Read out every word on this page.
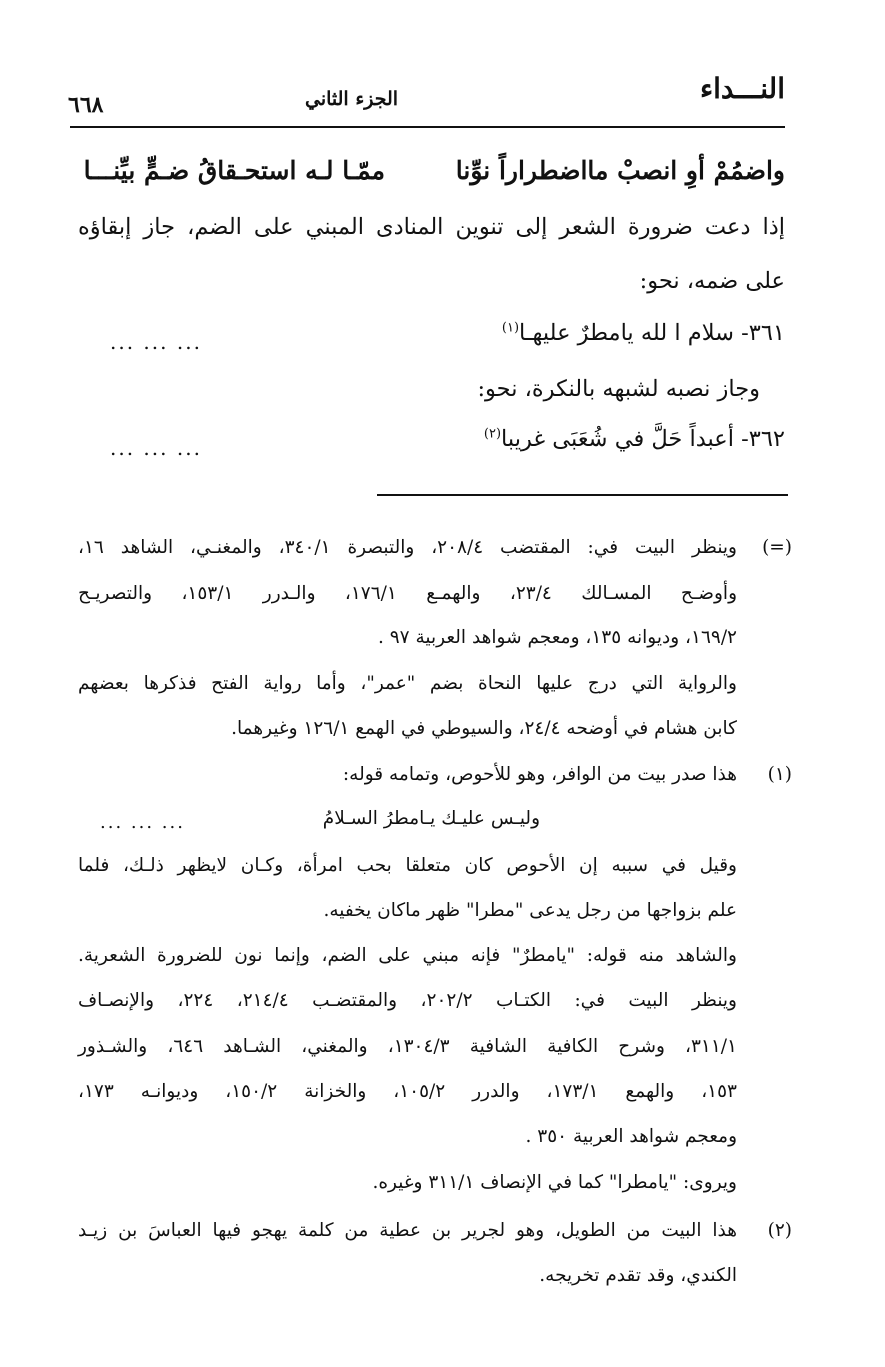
النـــداء
الجزء الثاني
٦٦٨
واضمُمْ أوِ انصبْ مااضطراراً نوِّنا
ممّـا لـه استحـقاقُ ضـمٍّ بيِّنـــا
إذا دعت ضرورة الشعر إلى تنوين المنادى المبني على الضم، جاز إبقاؤه
على ضمه، نحو:
٣٦١- سلام ا لله يامطرٌ عليهـا$^{(١)}$
... ... ...
وجاز نصبه لشبهه بالنكرة، نحو:
٣٦٢- أعبداً حَلَّ في شُعَبَى غريبا$^{(٢)}$
... ... ...
(=)
وينظر البيت في: المقتضب ٢٠٨/٤، والتبصرة ٣٤٠/١، والمغنـي، الشاهد ١٦،
وأوضـح المسـالك ٢٣/٤، والهمـع ١٧٦/١، والـدرر ١٥٣/١، والتصريـح
١٦٩/٢، وديوانه ١٣٥، ومعجم شواهد العربية ٩٧ .
والرواية التي درج عليها النحاة بضم "عمر"، وأما رواية الفتح فذكرها بعضهم
كابن هشام في أوضحه ٢٤/٤، والسيوطي في الهمع ١٢٦/١ وغيرهما.
(١)
هذا صدر بيت من الوافر، وهو للأحوص، وتمامه قوله:
وليـس عليـك يـامطرُ السـلامُ
... ... ...
وقيل في سببه إن الأحوص كان متعلقا بحب امرأة، وكـان لايظهر ذلـك، فلما
علم بزواجها من رجل يدعى "مطرا" ظهر ماكان يخفيه.
والشاهد منه قوله: "يامطرٌ" فإنه مبني على الضم، وإنما نون للضرورة الشعرية.
وينظر البيت في: الكتـاب ٢٠٢/٢، والمقتضـب ٢١٤/٤، ٢٢٤، والإنصـاف
٣١١/١، وشرح الكافية الشافية ١٣٠٤/٣، والمغني، الشـاهد ٦٤٦، والشـذور
١٥٣، والهمع ١٧٣/١، والدرر ١٠٥/٢، والخزانة ١٥٠/٢، وديوانـه ١٧٣،
ومعجم شواهد العربية ٣٥٠ .
ويروى: "يامطرا" كما في الإنصاف ٣١١/١ وغيره.
(٢)
هذا البيت من الطويل، وهو لجرير بن عطية من كلمة يهجو فيها العباسَ بن زيـد
الكندي، وقد تقدم تخريجه.
